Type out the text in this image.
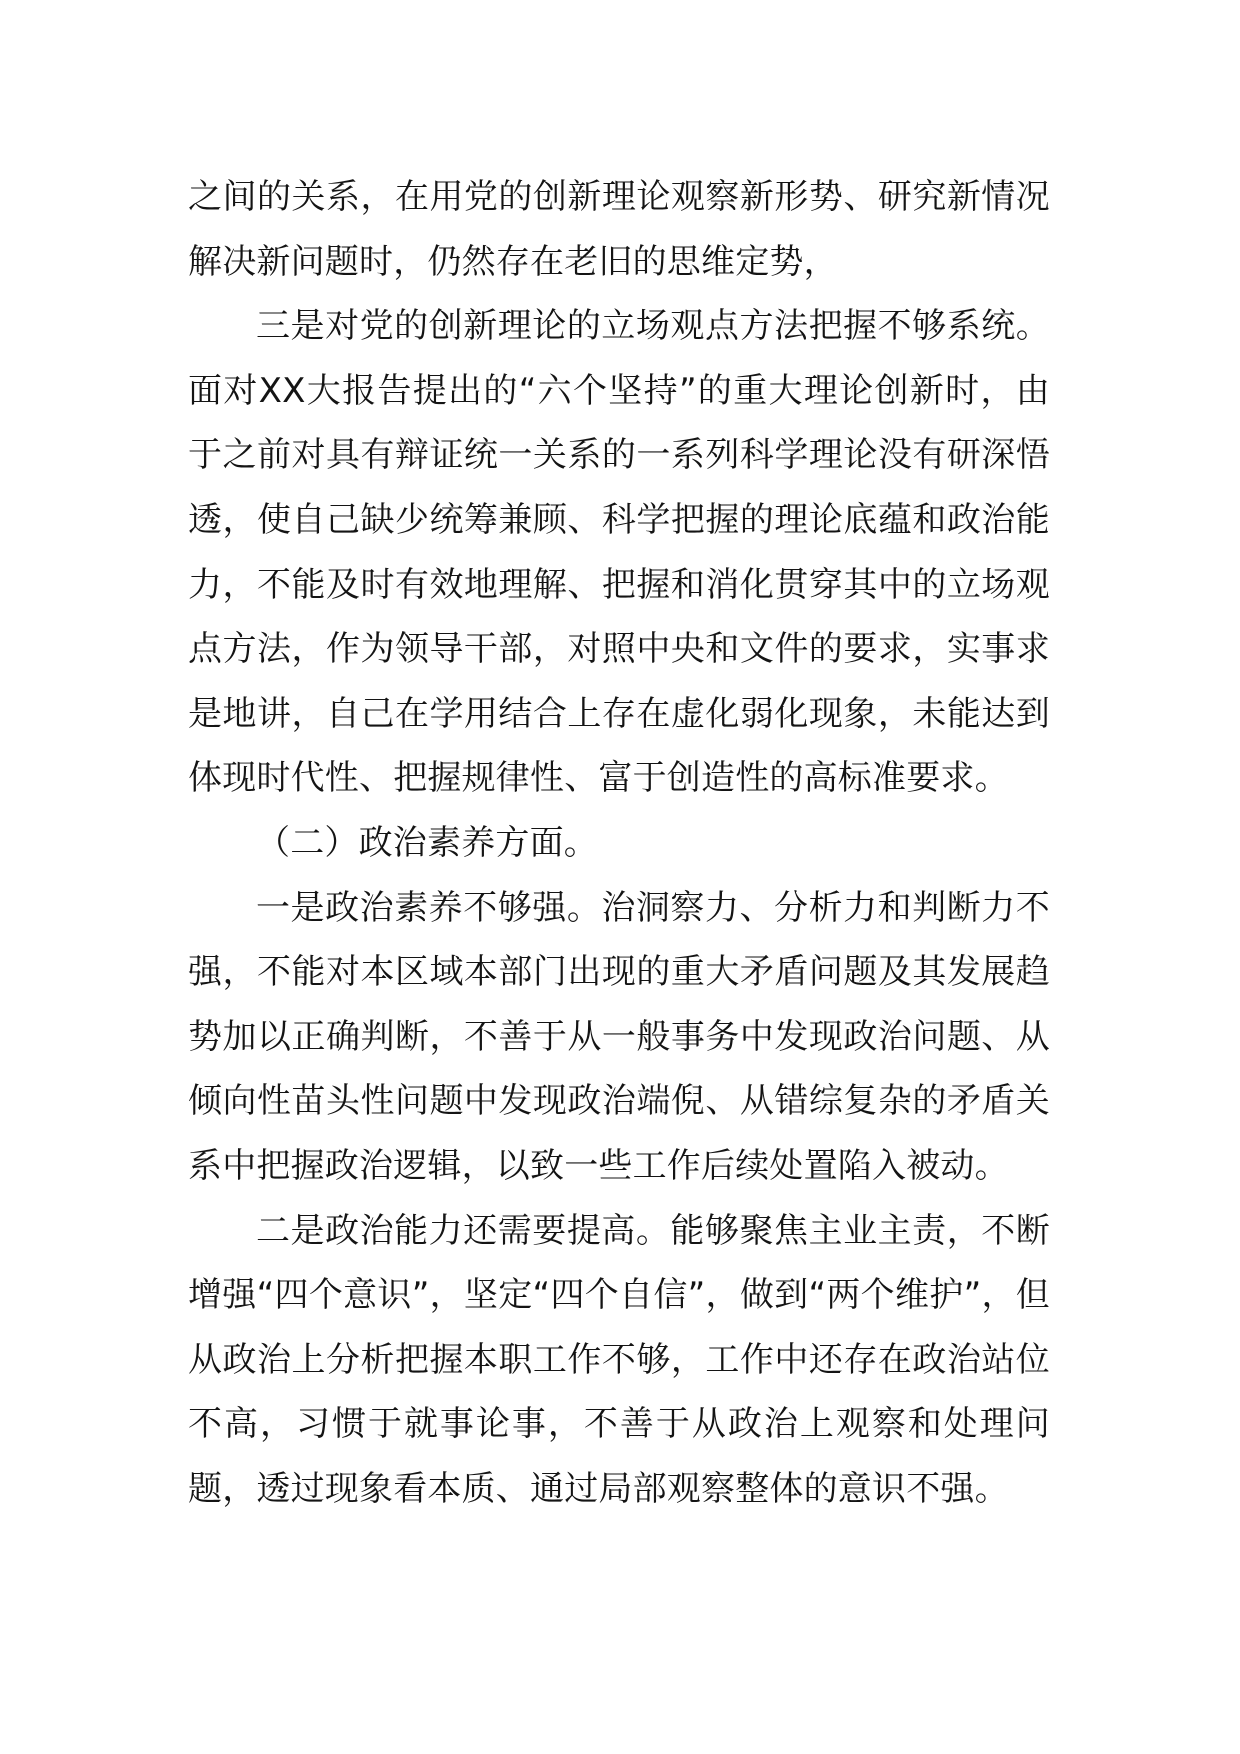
之间的关系，在用党的创新理论观察新形势、研究新情况解决新问题时，仍然存在老旧的思维定势，

三是对党的创新理论的立场观点方法把握不够系统。面对XX大报告提出的“六个坚持”的重大理论创新时，由于之前对具有辩证统一关系的一系列科学理论没有研深悟透，使自己缺少统筹兼顾、科学把握的理论底蕴和政治能力，不能及时有效地理解、把握和消化贯穿其中的立场观点方法，作为领导干部，对照中央和文件的要求，实事求是地讲，自己在学用结合上存在虚化弱化现象，未能达到体现时代性、把握规律性、富于创造性的高标准要求。

（二）政治素养方面。

一是政治素养不够强。治洞察力、分析力和判断力不强，不能对本区域本部门出现的重大矛盾问题及其发展趋势加以正确判断，不善于从一般事务中发现政治问题、从倾向性苗头性问题中发现政治端倪、从错综复杂的矛盾关系中把握政治逻辑，以致一些工作后续处置陷入被动。

二是政治能力还需要提高。能够聚焦主业主责，不断增强“四个意识”，坚定“四个自信”，做到“两个维护”，但从政治上分析把握本职工作不够，工作中还存在政治站位不高，习惯于就事论事，不善于从政治上观察和处理问题，透过现象看本质、通过局部观察整体的意识不强。
